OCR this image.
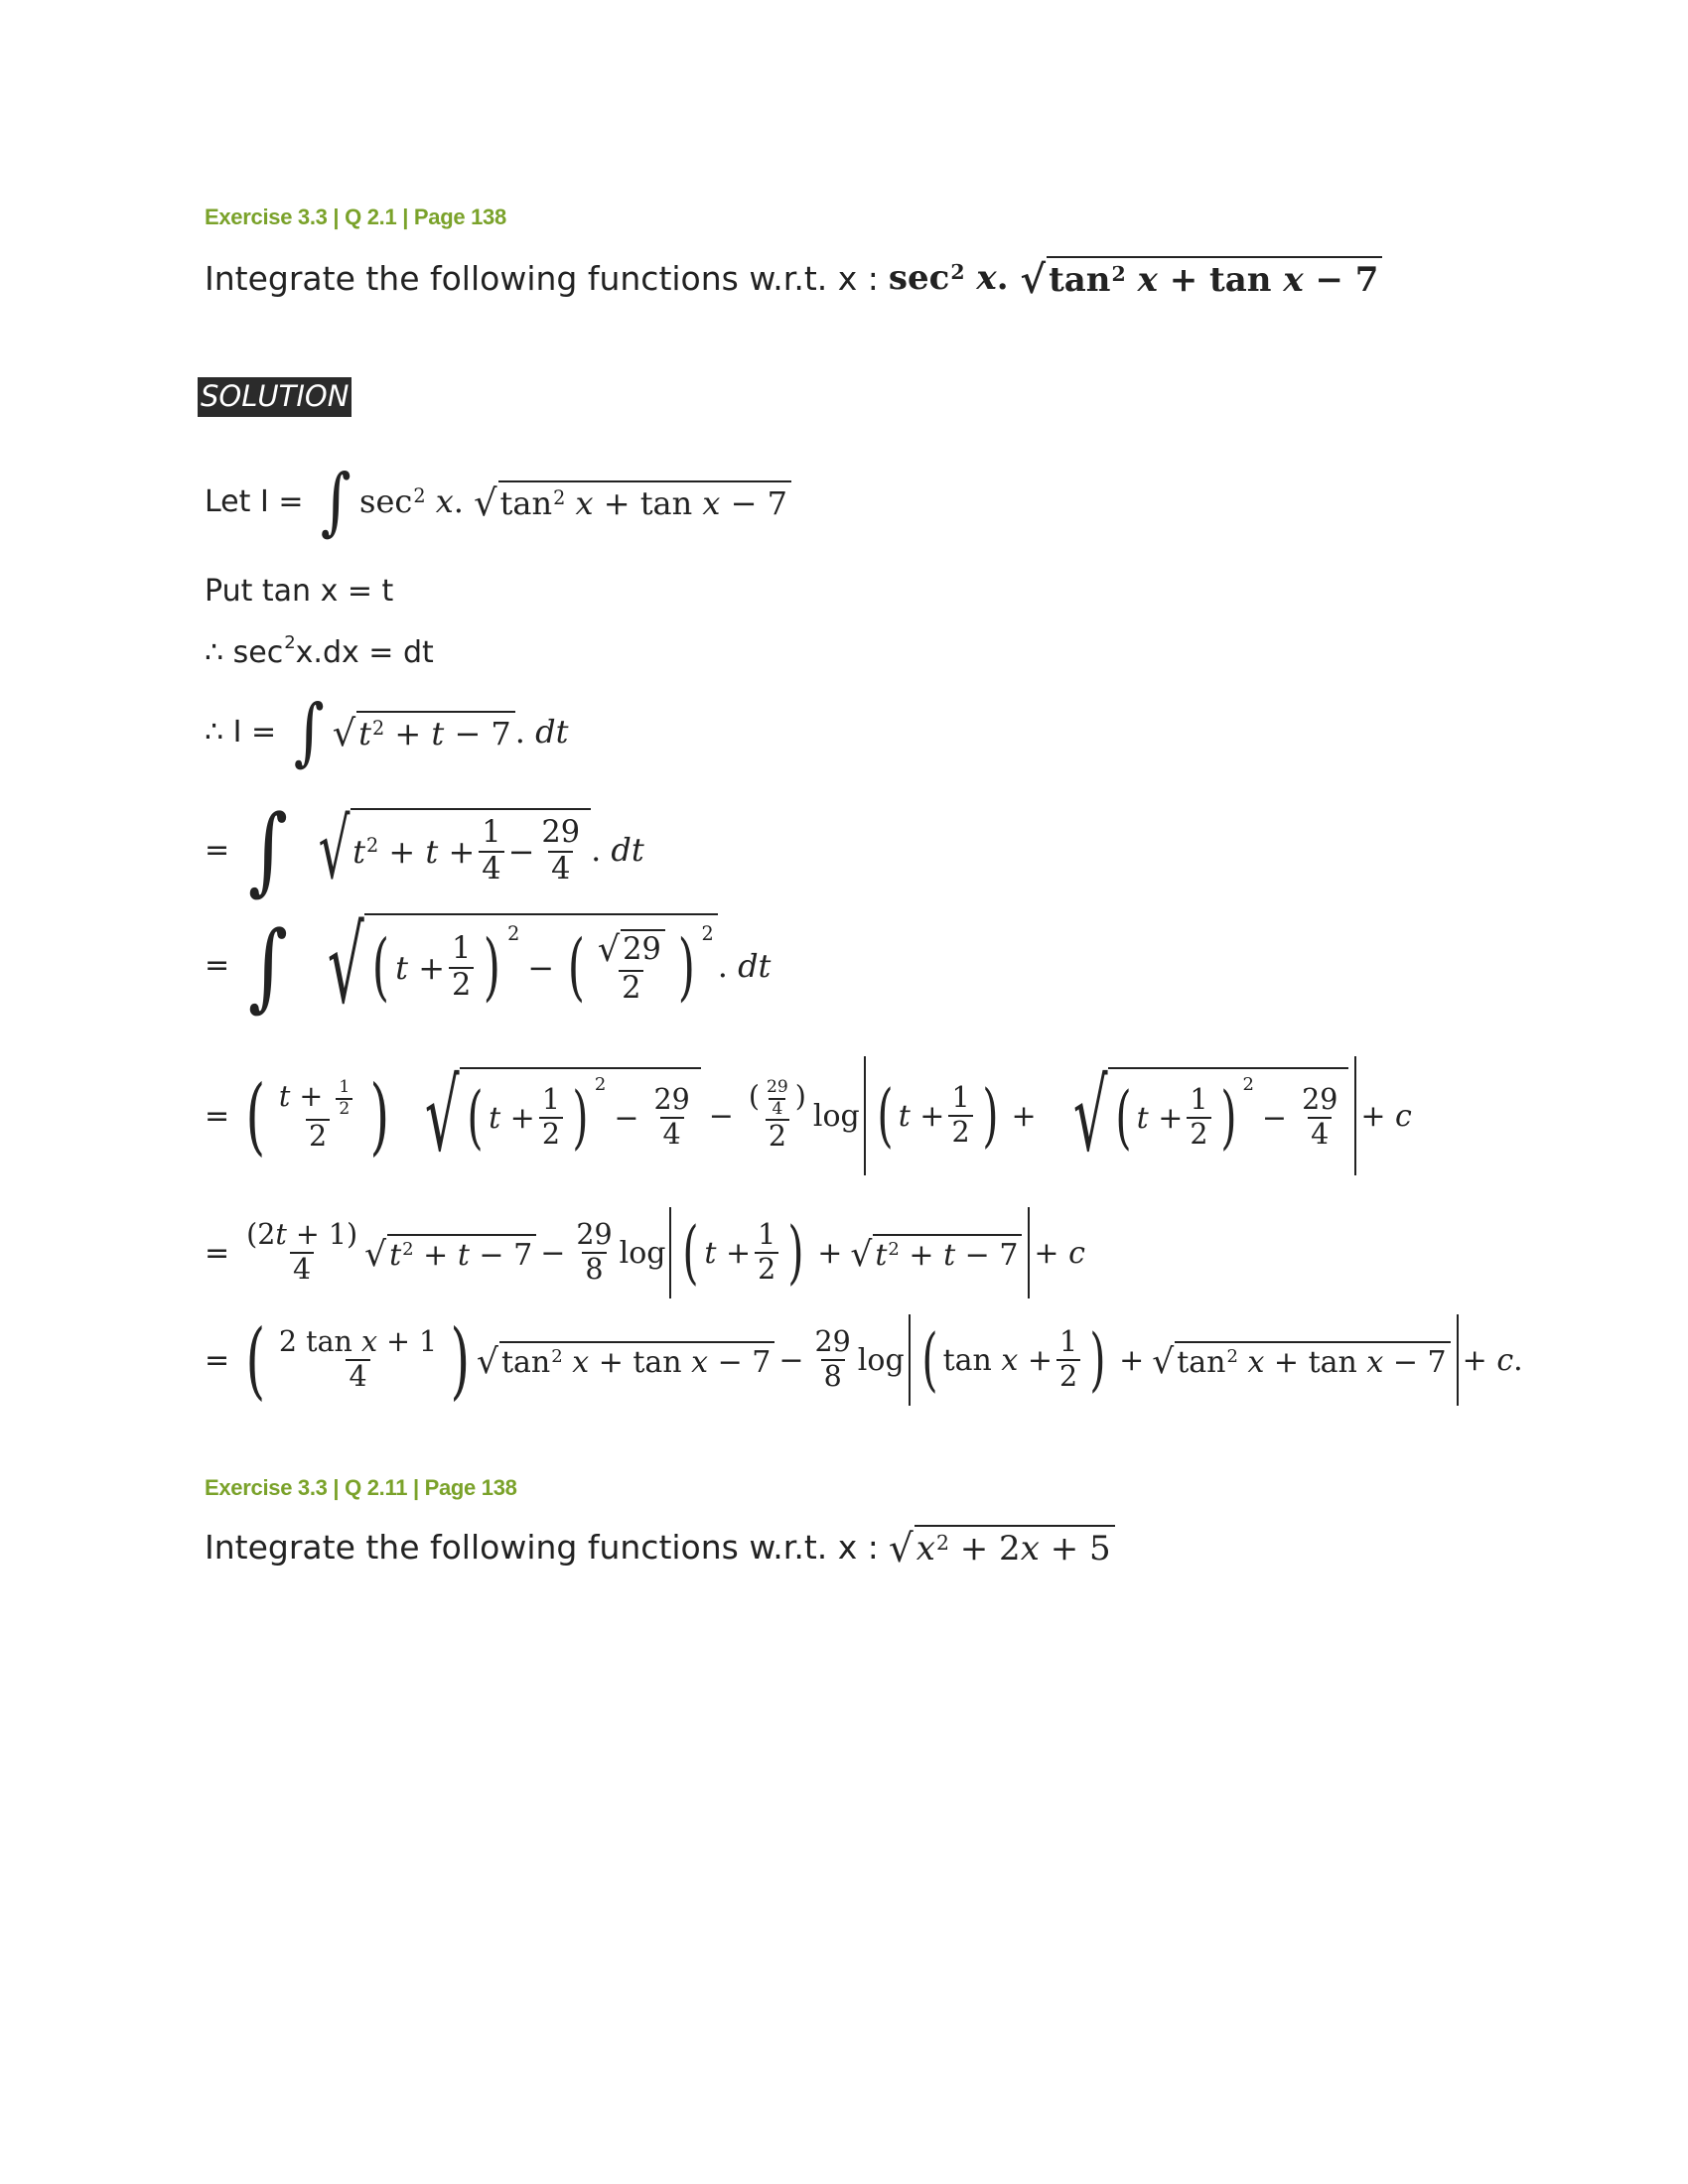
Exercise 3.3 | Q 2.1 | Page 138
Integrate the following functions w.r.t. x : sec 2
x . √ tan 2
x + tan x − 7
SOLUTION
Let I = ∫ sec 2
x . √ tan 2
x + tan x − 7
Put tan x = t
∴ sec 2 x.dx = dt
∴ I = ∫ √ t 2 + t − 7 . dt
= ∫ √ t $2 + t + \frac{1}{4} - \frac{29}{4}$ . dt
= ∫ √ ( $t + \frac{1}{2}$ ) 2
− ( $\frac{√ 29}{2}$ ) 2
. dt
= ( $\frac{t + \frac{1}{2}}{2}$ ) √ ( $t + \frac{1}{2}$ ) 2
− $\frac{29}{4} - \frac{( \frac{29}{4} )}{2}$ log ( $t + \frac{1}{2}$ ) + √ ( $t + \frac{1}{2}$ ) 2
− $\frac{29}{4} + c$
= $\frac{(2t + 1)}{4}$ √ t $2 + t - 7 - \frac{29}{8}$ log ( $t + \frac{1}{2}$ ) + √ t 2 + t − 7 + c
= ( $\frac{\text{2 tan x + 1}}{4}$ ) √ tan 2
$x + \tan x - 7 - \frac{29}{8}$ log ( $\tan x + \frac{1}{2}$ ) + √ tan 2
x + tan x − 7 + c .
Exercise 3.3 | Q 2.11 | Page 138
Integrate the following functions w.r.t. x : √ x 2 + 2 x + 5
